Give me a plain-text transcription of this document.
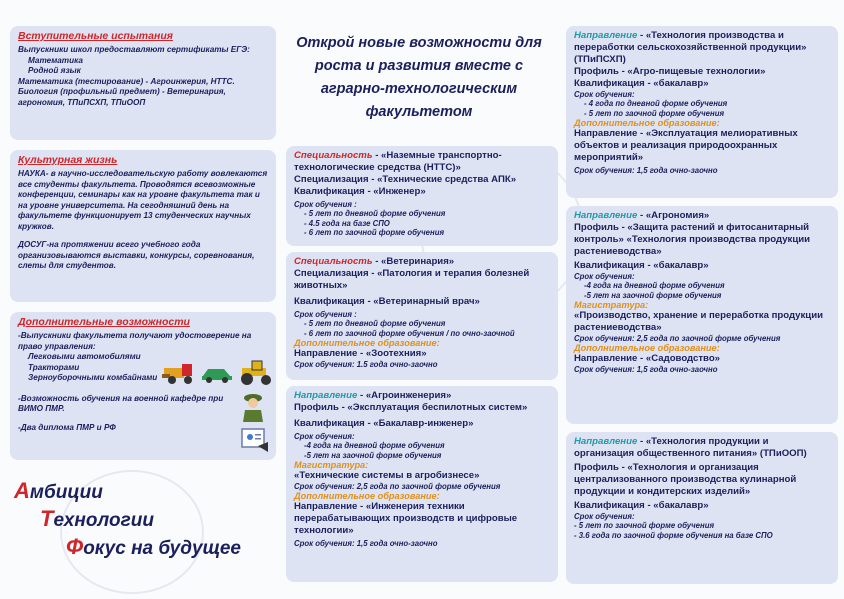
Вступительные испытания
Выпускники школ предоставляют сертификаты ЕГЭ:
Математика
Родной язык
Математика (тестирование) - Агроинжерия, НТТС.
Биология (профильный предмет) - Ветеринария, агрономия, ТПиПСХП, ТПиООП
Культурная жизнь
НАУКА- в научно-исследовательскую работу вовлекаются все студенты факультета. Проводятся всевозможные конференции, семинары как на уровне факультета так и на уровне университета. На сегодняшний день на факультете функционирует 13 студенческих научных кружков.
ДОСУГ-на протяжении всего учебного года организовываются выставки, конкурсы, соревнования, слеты для студентов.
Дополнительные возможности
-Выпускники факультета получают удостоверение на право управления:
Легковыми автомобилями
Тракторами
Зерноуборочными комбайнами
-Возможность обучения на военной кафедре при ВИМО ПМР.
-Два диплома ПМР и РФ
Амбиции
Технологии
Фокус на будущее
Открой новые возможности для роста и развития вместе с аграрно-технологическим факультетом
Специальность - «Наземные транспортно-технологические средства (НТТС)»
Специализация - «Технические средства АПК»
Квалификация - «Инженер»
Срок обучения :
- 5 лет по дневной форме обучения
- 4.5 года на базе СПО
- 6 лет по заочной форме обучения
Специальность - «Ветеринария»
Специализация - «Патология и терапия болезней животных»
Квалификация - «Ветеринарный врач»
Срок обучения :
- 5 лет по дневной форме обучения
- 6 лет по заочной форме обучения / по очно-заочной
Дополнительное образование:
Направление - «Зоотехния»
Срок обучения: 1.5 года очно-заочно
Направление - «Агроинженерия»
Профиль - «Эксплуатация беспилотных систем»
Квалификация - «Бакалавр-инженер»
Срок обучения:
-4 года на дневной форме обучения
-5 лет на заочной форме обучения
Магистратура:
«Технические системы в агробизнесе»
Срок обучения: 2,5 года по заочной форме обучения
Дополнительное образование:
Направление - «Инженерия техники перерабатывающих производств и цифровые технологии»
Срок обучения: 1,5 года очно-заочно
Направление - «Технология производства и переработки сельскохозяйственной продукции» (ТПиПСХП)
Профиль - «Агро-пищевые технологии»
Квалификация - «бакалавр»
Срок обучения:
- 4 года по дневной форме обучения
- 5 лет по заочной форме обучения
Дополнительное образование:
Направление - «Эксплуатация мелиоративных объектов и реализация природоохранных мероприятий»
Срок обучения: 1,5 года очно-заочно
Направление - «Агрономия»
Профиль - «Защита растений и фитосанитарный контроль» «Технология производства продукции растениеводства»
Квалификация - «бакалавр»
Срок обучения:
-4 года на дневной форме обучения
-5 лет на заочной форме обучения
Магистратура:
«Производство, хранение и переработка продукции растениеводства»
Срок обучения: 2,5 года по заочной форме обучения
Дополнительное образование:
Направление - «Садоводство»
Срок обучения: 1,5 года очно-заочно
Направление - «Технология продукции и организация общественного питания» (ТПиООП)
Профиль - «Технология и организация централизованного производства кулинарной продукции и кондитерских изделий»
Квалификация - «бакалавр»
Срок обучения:
- 5 лет по заочной форме обучения
- 3.6 года по заочной форме обучения на базе СПО
